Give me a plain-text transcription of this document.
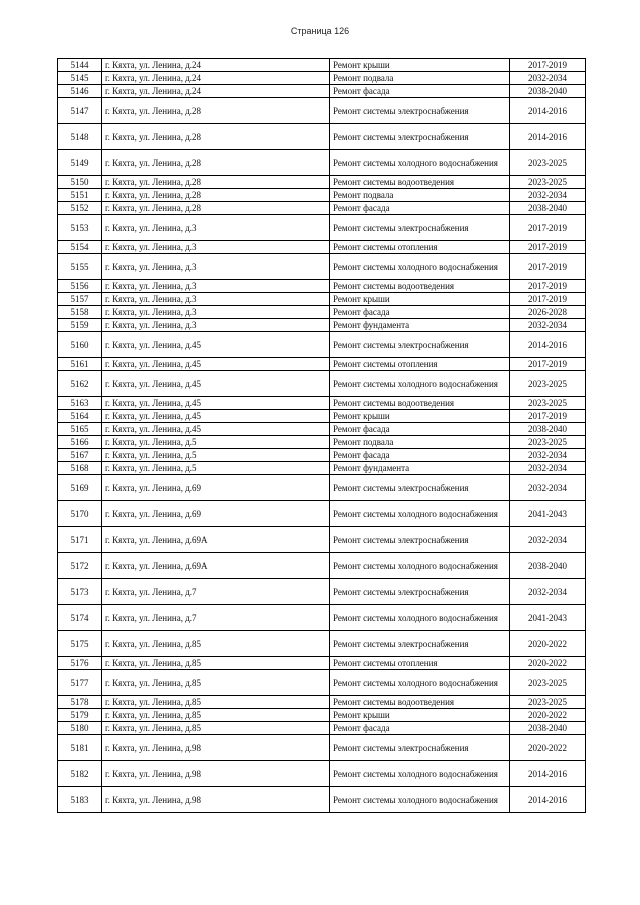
Страница 126
5144	г. Кяхта, ул. Ленина, д.24	Ремонт крыши	2017-2019
5145	г. Кяхта, ул. Ленина, д.24	Ремонт подвала	2032-2034
5146	г. Кяхта, ул. Ленина, д.24	Ремонт фасада	2038-2040
5147	г. Кяхта, ул. Ленина, д.28	Ремонт системы электроснабжения	2014-2016
5148	г. Кяхта, ул. Ленина, д.28	Ремонт системы электроснабжения	2014-2016
5149	г. Кяхта, ул. Ленина, д.28	Ремонт системы холодного водоснабжения	2023-2025
5150	г. Кяхта, ул. Ленина, д.28	Ремонт системы водоотведения	2023-2025
5151	г. Кяхта, ул. Ленина, д.28	Ремонт подвала	2032-2034
5152	г. Кяхта, ул. Ленина, д.28	Ремонт фасада	2038-2040
5153	г. Кяхта, ул. Ленина, д.3	Ремонт системы электроснабжения	2017-2019
5154	г. Кяхта, ул. Ленина, д.3	Ремонт системы отопления	2017-2019
5155	г. Кяхта, ул. Ленина, д.3	Ремонт системы холодного водоснабжения	2017-2019
5156	г. Кяхта, ул. Ленина, д.3	Ремонт системы водоотведения	2017-2019
5157	г. Кяхта, ул. Ленина, д.3	Ремонт крыши	2017-2019
5158	г. Кяхта, ул. Ленина, д.3	Ремонт фасада	2026-2028
5159	г. Кяхта, ул. Ленина, д.3	Ремонт фундамента	2032-2034
5160	г. Кяхта, ул. Ленина, д.45	Ремонт системы электроснабжения	2014-2016
5161	г. Кяхта, ул. Ленина, д.45	Ремонт системы отопления	2017-2019
5162	г. Кяхта, ул. Ленина, д.45	Ремонт системы холодного водоснабжения	2023-2025
5163	г. Кяхта, ул. Ленина, д.45	Ремонт системы водоотведения	2023-2025
5164	г. Кяхта, ул. Ленина, д.45	Ремонт крыши	2017-2019
5165	г. Кяхта, ул. Ленина, д.45	Ремонт фасада	2038-2040
5166	г. Кяхта, ул. Ленина, д.5	Ремонт подвала	2023-2025
5167	г. Кяхта, ул. Ленина, д.5	Ремонт фасада	2032-2034
5168	г. Кяхта, ул. Ленина, д.5	Ремонт фундамента	2032-2034
5169	г. Кяхта, ул. Ленина, д.69	Ремонт системы электроснабжения	2032-2034
5170	г. Кяхта, ул. Ленина, д.69	Ремонт системы холодного водоснабжения	2041-2043
5171	г. Кяхта, ул. Ленина, д.69А	Ремонт системы электроснабжения	2032-2034
5172	г. Кяхта, ул. Ленина, д.69А	Ремонт системы холодного водоснабжения	2038-2040
5173	г. Кяхта, ул. Ленина, д.7	Ремонт системы электроснабжения	2032-2034
5174	г. Кяхта, ул. Ленина, д.7	Ремонт системы холодного водоснабжения	2041-2043
5175	г. Кяхта, ул. Ленина, д.85	Ремонт системы электроснабжения	2020-2022
5176	г. Кяхта, ул. Ленина, д.85	Ремонт системы отопления	2020-2022
5177	г. Кяхта, ул. Ленина, д.85	Ремонт системы холодного водоснабжения	2023-2025
5178	г. Кяхта, ул. Ленина, д.85	Ремонт системы водоотведения	2023-2025
5179	г. Кяхта, ул. Ленина, д.85	Ремонт крыши	2020-2022
5180	г. Кяхта, ул. Ленина, д.85	Ремонт фасада	2038-2040
5181	г. Кяхта, ул. Ленина, д.98	Ремонт системы электроснабжения	2020-2022
5182	г. Кяхта, ул. Ленина, д.98	Ремонт системы холодного водоснабжения	2014-2016
5183	г. Кяхта, ул. Ленина, д.98	Ремонт системы холодного водоснабжения	2014-2016
